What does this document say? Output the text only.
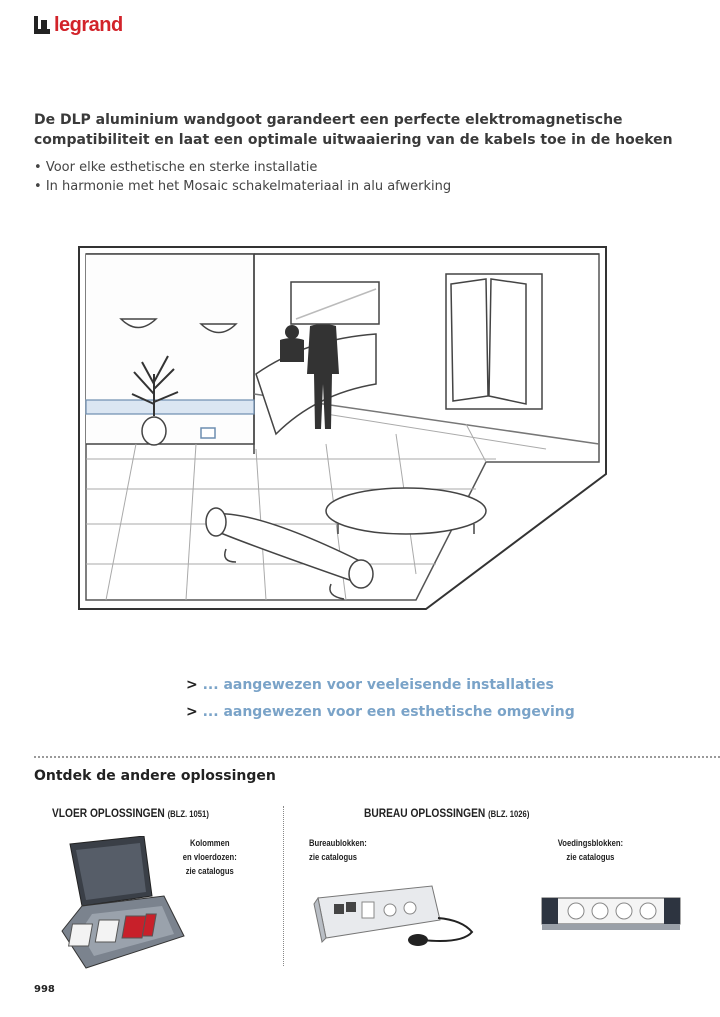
legrand
De DLP aluminium wandgoot garandeert een perfecte elektromagnetische compatibiliteit en laat een optimale uitwaaiering van de kabels toe in de hoeken
• Voor elke esthetische en sterke installatie
• In harmonie met het Mosaic schakelmateriaal in alu afwerking
> ... aangewezen voor veeleisende installaties
> ... aangewezen voor een esthetische omgeving
Ontdek de andere oplossingen
VLOER OPLOSSINGEN (BLZ. 1051)
Kolommen
en vloerdozen:
zie catalogus
BUREAU OPLOSSINGEN (BLZ. 1026)
Bureaublokken:
zie catalogus
Voedingsblokken:
zie catalogus
998
